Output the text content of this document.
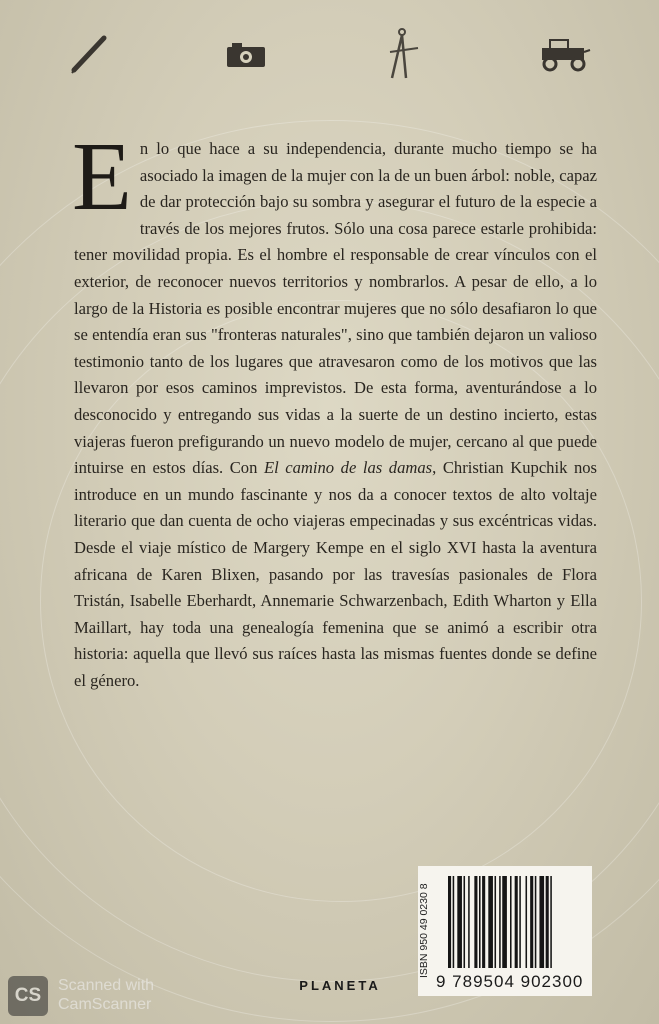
En lo que hace a su independencia, durante mucho tiempo se ha asociado la imagen de la mujer con la de un buen árbol: noble, capaz de dar protección bajo su sombra y asegurar el futuro de la especie a través de los mejores frutos. Sólo una cosa parece estarle prohibida: tener movilidad propia. Es el hombre el responsable de crear vínculos con el exterior, de reconocer nuevos territorios y nombrarlos. A pesar de ello, a lo largo de la Historia es posible encontrar mujeres que no sólo desafiaron lo que se entendía eran sus "fronteras naturales", sino que también dejaron un valioso testimonio tanto de los lugares que atravesaron como de los motivos que las llevaron por esos caminos imprevistos. De esta forma, aventurándose a lo desconocido y entregando sus vidas a la suerte de un destino incierto, estas viajeras fueron prefigurando un nuevo modelo de mujer, cercano al que puede intuirse en estos días. Con El camino de las damas, Christian Kupchik nos introduce en un mundo fascinante y nos da a conocer textos de alto voltaje literario que dan cuenta de ocho viajeras empecinadas y sus excéntricas vidas. Desde el viaje místico de Margery Kempe en el siglo XVI hasta la aventura africana de Karen Blixen, pasando por las travesías pasionales de Flora Tristán, Isabelle Eberhardt, Annemarie Schwarzenbach, Edith Wharton y Ella Maillart, hay toda una genealogía femenina que se animó a escribir otra historia: aquella que llevó sus raíces hasta las mismas fuentes donde se define el género.
ISBN 950 49 0230 8
9 789504 902300
PLANETA
CS	Scanned with
CamScanner
